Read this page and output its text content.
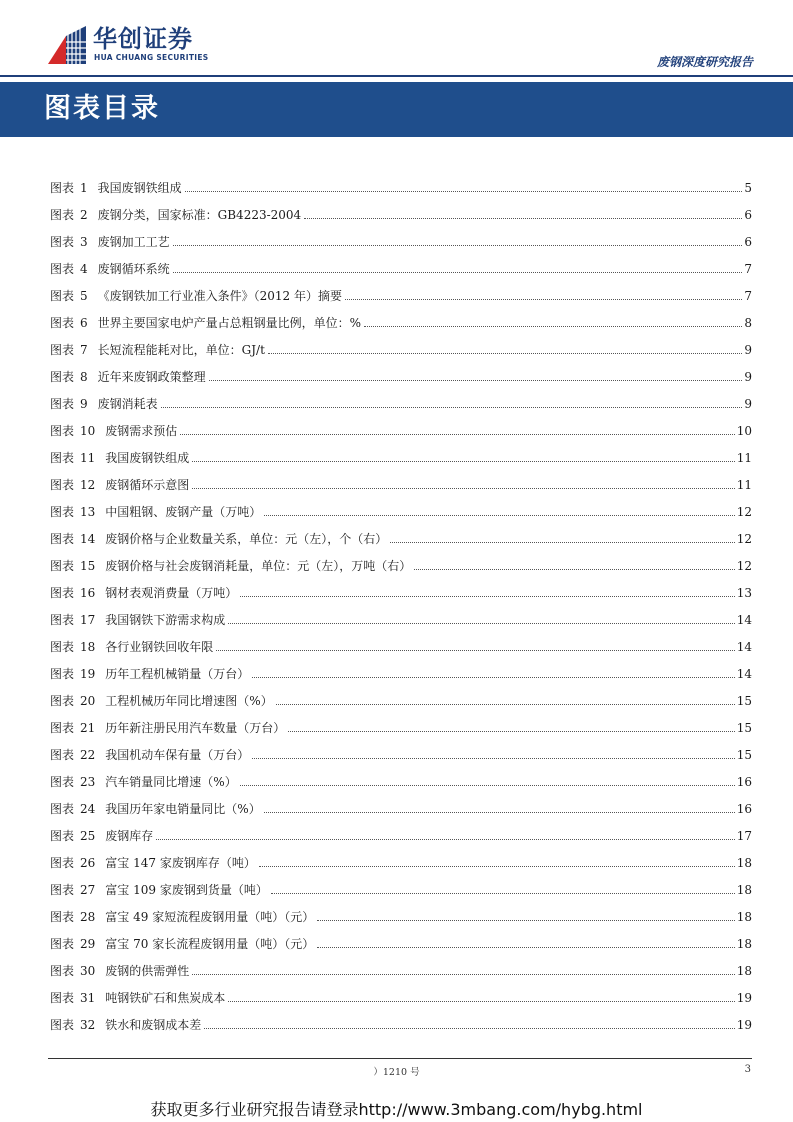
华创证券
HUA CHUANG SECURITIES	废钢深度研究报告
图表目录
图表 1 我国废钢铁组成	5
图表 2 废钢分类，国家标准：GB4223-2004	6
图表 3 废钢加工工艺	6
图表 4 废钢循环系统	7
图表 5 《废钢铁加工行业准入条件》（2012 年）摘要	7
图表 6 世界主要国家电炉产量占总粗钢量比例，单位：%	8
图表 7 长短流程能耗对比，单位：GJ/t	9
图表 8 近年来废钢政策整理	9
图表 9 废钢消耗表	9
图表 10 废钢需求预估	10
图表 11 我国废钢铁组成	11
图表 12 废钢循环示意图	11
图表 13 中国粗钢、废钢产量（万吨）	12
图表 14 废钢价格与企业数量关系，单位：元（左），个（右）	12
图表 15 废钢价格与社会废钢消耗量，单位：元（左），万吨（右）	12
图表 16 钢材表观消费量（万吨）	13
图表 17 我国钢铁下游需求构成	14
图表 18 各行业钢铁回收年限	14
图表 19 历年工程机械销量（万台）	14
图表 20 工程机械历年同比增速图（%）	15
图表 21 历年新注册民用汽车数量（万台）	15
图表 22 我国机动车保有量（万台）	15
图表 23 汽车销量同比增速（%）	16
图表 24 我国历年家电销量同比（%）	16
图表 25 废钢库存	17
图表 26 富宝 147 家废钢库存（吨）	18
图表 27 富宝 109 家废钢到货量（吨）	18
图表 28 富宝 49 家短流程废钢用量（吨）（元）	18
图表 29 富宝 70 家长流程废钢用量（吨）（元）	18
图表 30 废钢的供需弹性	18
图表 31 吨钢铁矿石和焦炭成本	19
图表 32 铁水和废钢成本差	19
）1210 号	3
获取更多行业研究报告请登录http://www.3mbang.com/hybg.html
